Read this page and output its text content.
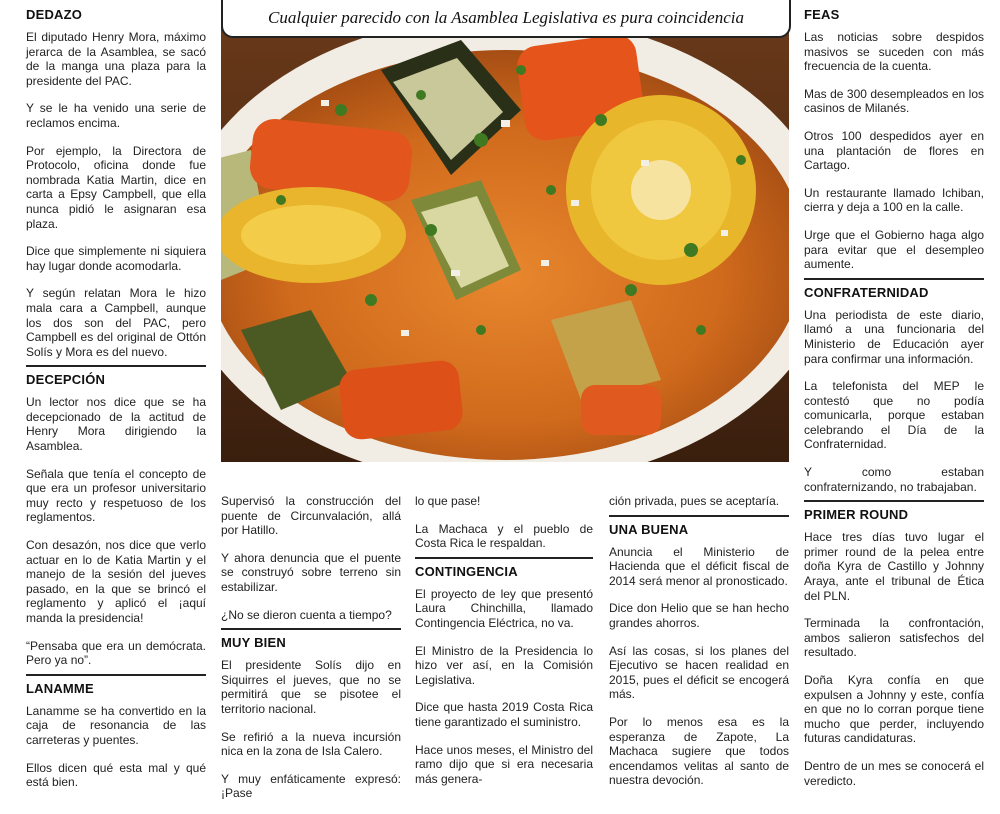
Cualquier parecido con la Asamblea Legislativa es pura coincidencia
DEDAZO

El diputado Henry Mora, máximo jerarca de la Asamblea, se sacó de la manga una plaza para la presidente del PAC.

Y se le ha venido una serie de reclamos encima.

Por ejemplo, la Directora de Protocolo, oficina donde fue nombrada Katia Martin, dice en carta a Epsy Campbell, que ella nunca pidió le asignaran esa plaza.

Dice que simplemente ni siquiera hay lugar donde acomodarla.

Y según relatan Mora le hizo mala cara a Campbell, aunque los dos son del PAC, pero Campbell es del original de Ottón Solís y Mora es del nuevo.

DECEPCIÓN

Un lector nos dice que se ha decepcionado de la actitud de Henry Mora dirigiendo la Asamblea.

Señala que tenía el concepto de que era un profesor universitario muy recto y respetuoso de los reglamentos.

Con desazón, nos dice que verlo actuar en lo de Katia Martin y el manejo de la sesión del jueves pasado, en la que se brincó el reglamento y aplicó el ¡aquí manda la presidencia!

“Pensaba que era un demócrata. Pero ya no”.

LANAMME

Lanamme se ha convertido en la caja de resonancia de las carreteras y puentes.

Ellos dicen qué esta mal y qué está bien.

Supervisó la construcción del puente de Circunvalación, allá por Hatillo.

Y ahora denuncia que el puente se construyó sobre terreno sin estabilizar.

¿No se dieron cuenta a tiempo?

MUY BIEN

El presidente Solís dijo en Siquirres el jueves, que no se permitirá que se pisotee el territorio nacional.

Se refirió a la nueva incursión nica en la zona de Isla Calero.

Y muy enfáticamente expresó: ¡Pase

lo que pase!

La Machaca y el pueblo de Costa Rica le respaldan.

CONTINGENCIA

El proyecto de ley que presentó Laura Chinchilla, llamado Contingencia Eléctrica, no va.

El Ministro de la Presidencia lo hizo ver así, en la Comisión Legislativa.

Dice que hasta 2019 Costa Rica tiene garantizado el suministro.

Hace unos meses, el Ministro del ramo dijo que si era necesaria más genera-

ción privada, pues se aceptaría.

UNA BUENA

Anuncia el Ministerio de Hacienda que el déficit fiscal de 2014 será menor al pronosticado.

Dice don Helio que se han hecho grandes ahorros.

Así las cosas, si los planes del Ejecutivo se hacen realidad en 2015, pues el déficit se encogerá más.

Por lo menos esa es la esperanza de Zapote, La Machaca sugiere que todos encendamos velitas al santo de nuestra devoción.

FEAS

Las noticias sobre despidos masivos se suceden con más frecuencia de la cuenta.

Mas de 300 desempleados en los casinos de Milanés.

Otros 100 despedidos ayer en una plantación de flores en Cartago.

Un restaurante llamado Ichiban, cierra y deja a 100 en la calle.

Urge que el Gobierno haga algo para evitar que el desempleo aumente.

CONFRATERNIDAD

Una periodista de este diario, llamó a una funcionaria del Ministerio de Educación ayer para confirmar una información.

La telefonista del MEP le contestó que no podía comunicarla, porque estaban celebrando el Día de la Confraternidad.

Y como estaban confraternizando, no trabajaban.

PRIMER ROUND

Hace tres días tuvo lugar el primer round de la pelea entre doña Kyra de Castillo y Johnny Araya, ante el tribunal de Ética del PLN.

Terminada la confrontación, ambos salieron satisfechos del resultado.

Doña Kyra confía en que expulsen a Johnny y este, confía en que no lo corran porque tiene mucho que perder, incluyendo futuras candidaturas.

Dentro de un mes se conocerá el veredicto.
